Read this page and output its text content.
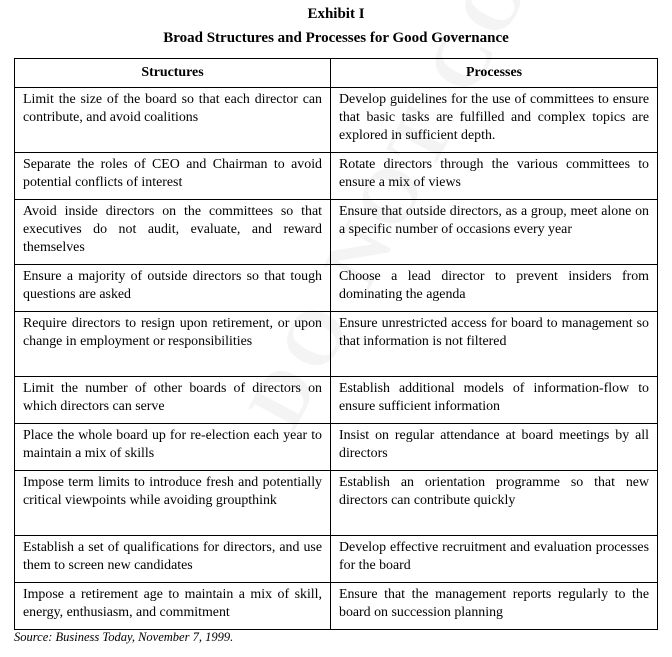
Exhibit I
Broad Structures and Processes for Good Governance
Structures	Processes
Limit the size of the board so that each director can contribute, and avoid coalitions	Develop guidelines for the use of committees to ensure that basic tasks are fulfilled and complex topics are explored in sufficient depth.
Separate the roles of CEO and Chairman to avoid potential conflicts of interest	Rotate directors through the various committees to ensure a mix of views
Avoid inside directors on the committees so that executives do not audit, evaluate, and reward themselves	Ensure that outside directors, as a group, meet alone on a specific number of occasions every year
Ensure a majority of outside directors so that tough questions are asked	Choose a lead director to prevent insiders from dominating the agenda
Require directors to resign upon retirement, or upon change in employment or responsibilities	Ensure unrestricted access for board to management so that information is not filtered
Limit the number of other boards of directors on which directors can serve	Establish additional models of information-flow to ensure sufficient information
Place the whole board up for re-election each year to maintain a mix of skills	Insist on regular attendance at board meetings by all directors
Impose term limits to introduce fresh and potentially critical viewpoints while avoiding groupthink	Establish an orientation programme so that new directors can contribute quickly
Establish a set of qualifications for directors, and use them to screen new candidates	Develop effective recruitment and evaluation processes for the board
Impose a retirement age to maintain a mix of skill, energy, enthusiasm, and commitment	Ensure that the management reports regularly to the board on succession planning
Source: Business Today, November 7, 1999.
